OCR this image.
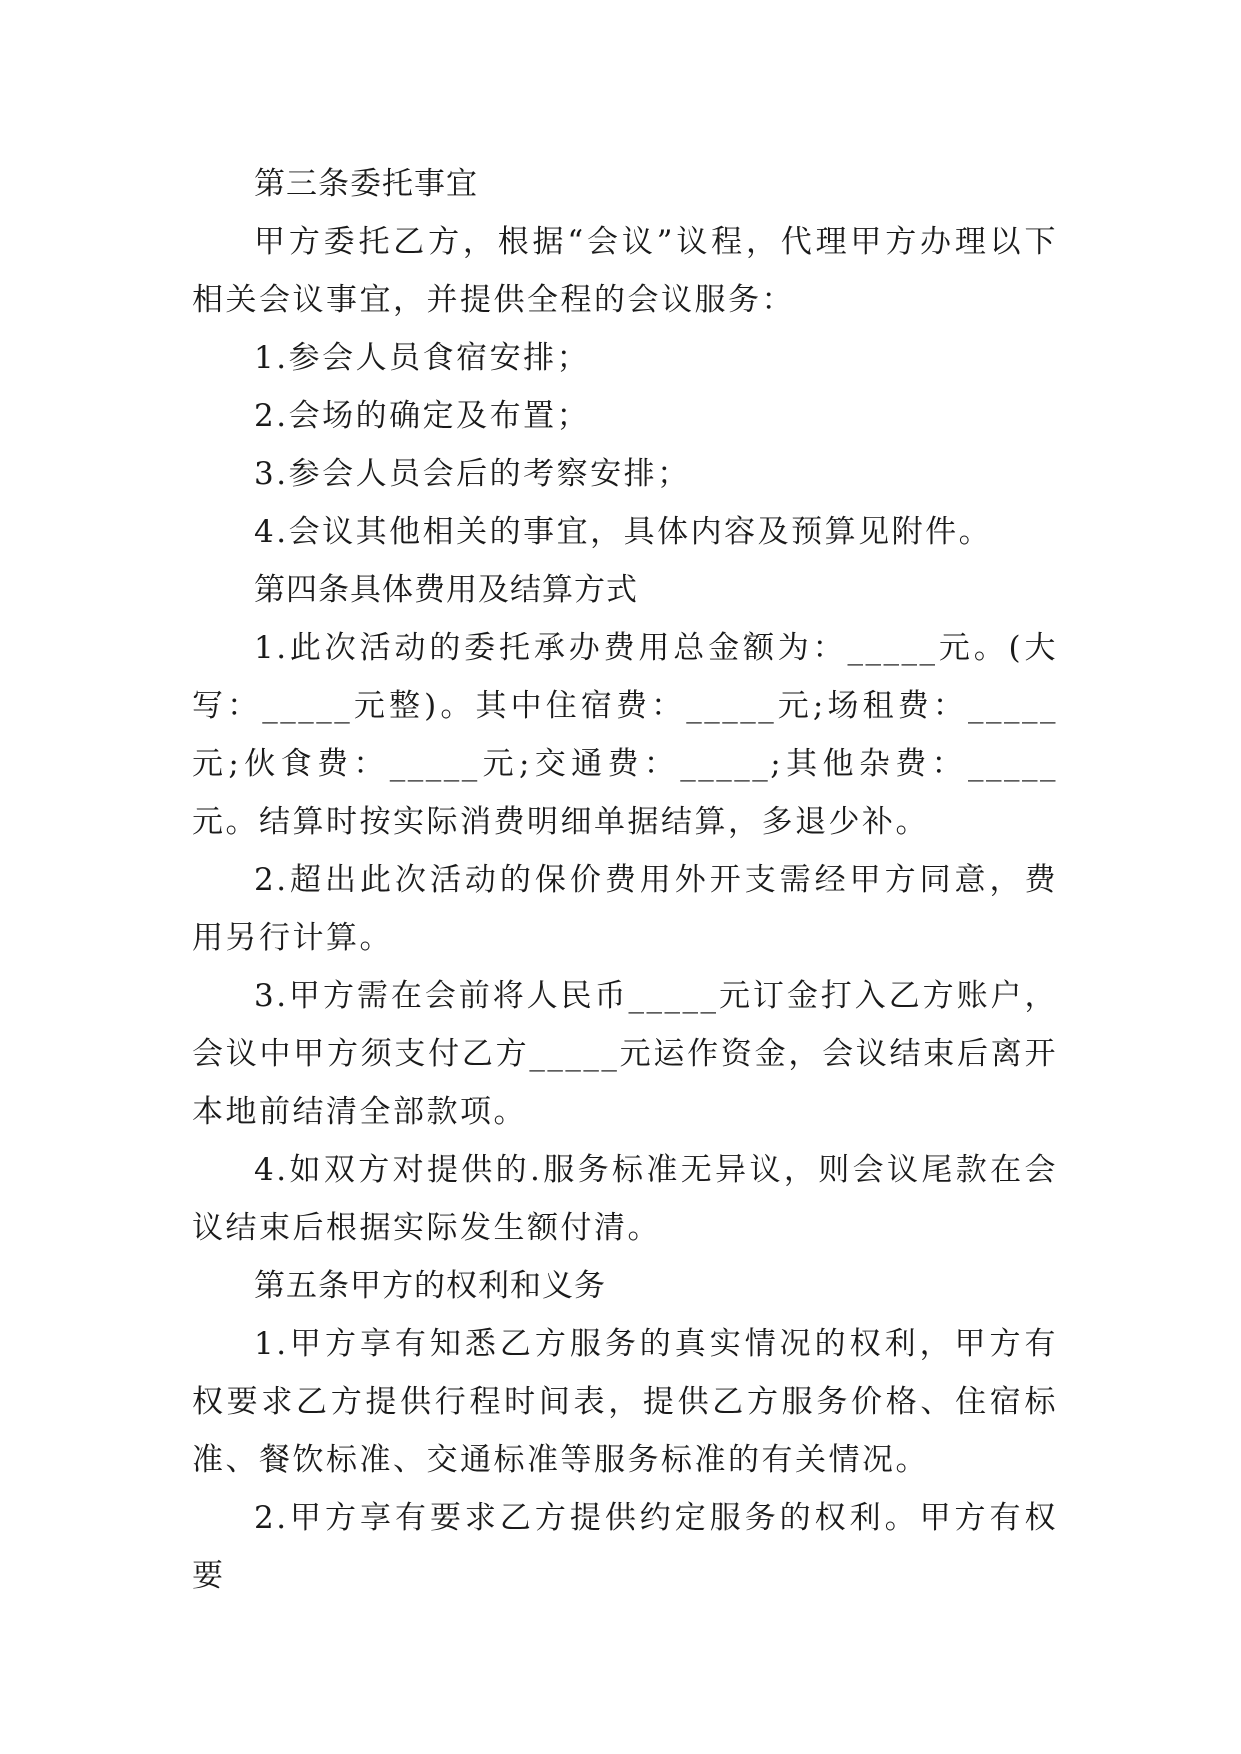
第三条委托事宜

甲方委托乙方，根据“会议”议程，代理甲方办理以下相关会议事宜，并提供全程的会议服务：

1.参会人员食宿安排；

2.会场的确定及布置；

3.参会人员会后的考察安排；

4.会议其他相关的事宜，具体内容及预算见附件。

第四条具体费用及结算方式

1.此次活动的委托承办费用总金额为：_____元。(大写：_____元整)。其中住宿费：_____元;场租费：_____元;伙食费：_____元;交通费：_____;其他杂费：_____元。结算时按实际消费明细单据结算，多退少补。

2.超出此次活动的保价费用外开支需经甲方同意，费用另行计算。

3.甲方需在会前将人民币_____元订金打入乙方账户，会议中甲方须支付乙方_____元运作资金，会议结束后离开本地前结清全部款项。

4.如双方对提供的.服务标准无异议，则会议尾款在会议结束后根据实际发生额付清。

第五条甲方的权利和义务

1.甲方享有知悉乙方服务的真实情况的权利，甲方有权要求乙方提供行程时间表，提供乙方服务价格、住宿标准、餐饮标准、交通标准等服务标准的有关情况。

2.甲方享有要求乙方提供约定服务的权利。甲方有权要
